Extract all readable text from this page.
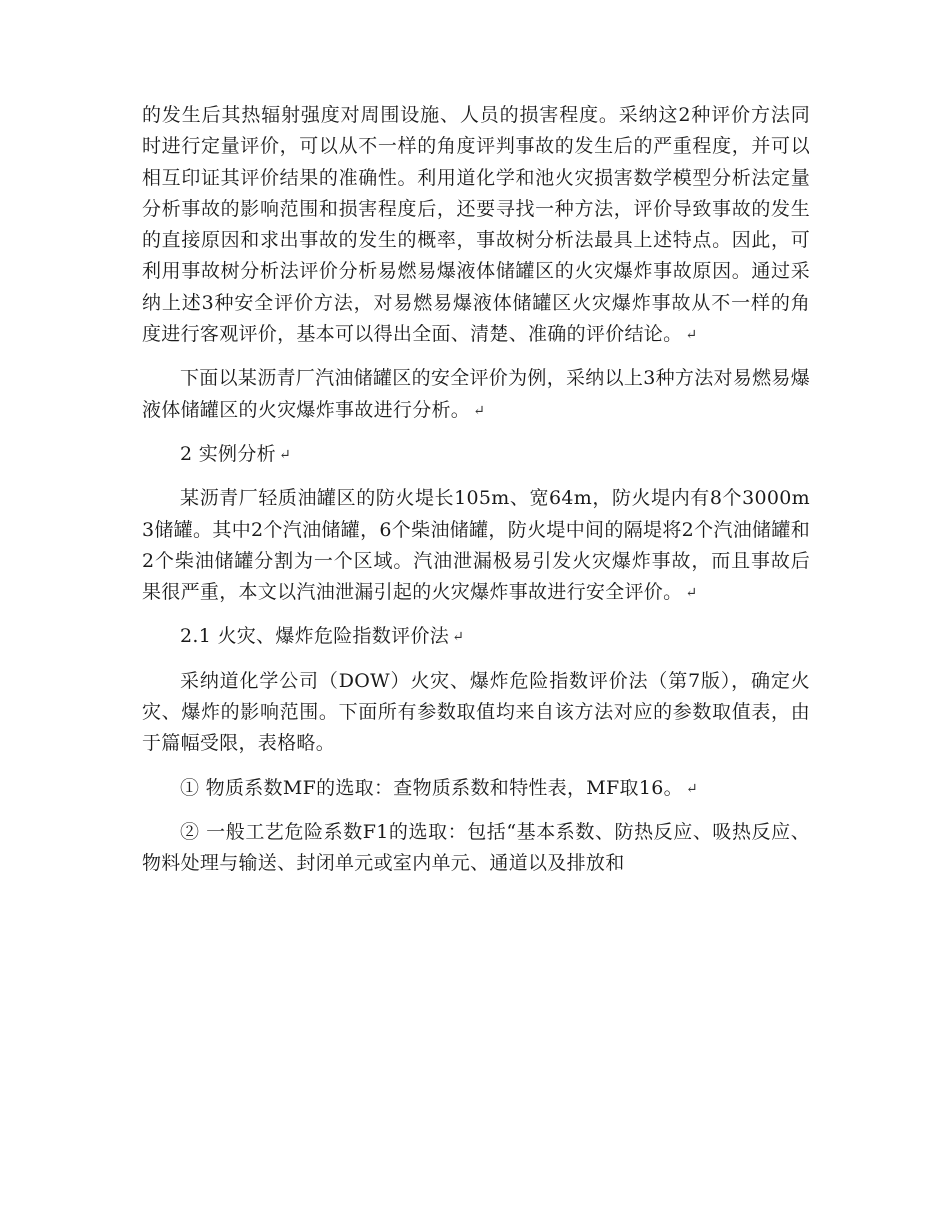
的发生后其热辐射强度对周围设施、人员的损害程度。采纳这2种评价方法同时进行定量评价，可以从不一样的角度评判事故的发生后的严重程度，并可以相互印证其评价结果的准确性。利用道化学和池火灾损害数学模型分析法定量分析事故的影响范围和损害程度后，还要寻找一种方法，评价导致事故的发生的直接原因和求出事故的发生的概率，事故树分析法最具上述特点。因此，可利用事故树分析法评价分析易燃易爆液体储罐区的火灾爆炸事故原因。通过采纳上述3种安全评价方法，对易燃易爆液体储罐区火灾爆炸事故从不一样的角度进行客观评价，基本可以得出全面、清楚、准确的评价结论。 ↵

下面以某沥青厂汽油储罐区的安全评价为例，采纳以上3种方法对易燃易爆液体储罐区的火灾爆炸事故进行分析。 ↵

2 实例分析 ↵

某沥青厂轻质油罐区的防火堤长105m、宽64m，防火堤内有8个3000m3储罐。其中2个汽油储罐，6个柴油储罐，防火堤中间的隔堤将2个汽油储罐和2个柴油储罐分割为一个区域。汽油泄漏极易引发火灾爆炸事故，而且事故后果很严重，本文以汽油泄漏引起的火灾爆炸事故进行安全评价。 ↵

2.1 火灾、爆炸危险指数评价法 ↵

采纳道化学公司（DOW）火灾、爆炸危险指数评价法（第7版），确定火灾、爆炸的影响范围。下面所有参数取值均来自该方法对应的参数取值表，由于篇幅受限，表格略。

① 物质系数MF的选取：查物质系数和特性表，MF取16。 ↵

② 一般工艺危险系数F1的选取：包括“基本系数、防热反应、吸热反应、物料处理与输送、封闭单元或室内单元、通道以及排放和
